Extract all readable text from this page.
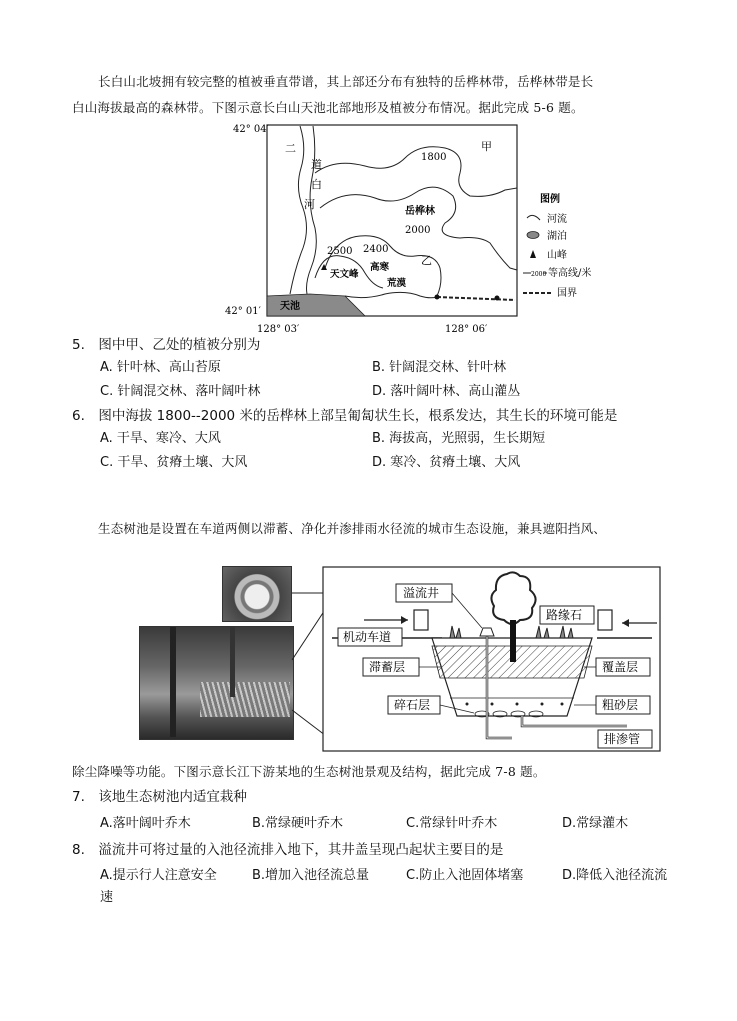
长白山北坡拥有较完整的植被垂直带谱，其上部还分布有独特的岳桦林带，岳桦林带是长
白山海拔最高的森林带。下图示意长白山天池北部地形及植被分布情况。据此完成 5-6 题。
42° 04′
42° 01′
128° 03′	128° 06′
二
道
白
河
甲
1800
岳桦林
2000
乙
2400
2500
天文峰
高寒
荒漠
天池
图例
河流
湖泊
山峰
2000 等高线/米
国界
5.　图中甲、乙处的植被分别为
A. 针叶林、高山苔原	B. 针阔混交林、针叶林
C. 针阔混交林、落叶阔叶林	D. 落叶阔叶林、高山灌丛
6.　图中海拔 1800--2000 米的岳桦林上部呈匍匐状生长，根系发达，其生长的环境可能是
A. 干旱、寒冷、大风	B. 海拔高，光照弱，生长期短
C. 干旱、贫瘠土壤、大风	D. 寒冷、贫瘠土壤、大风
生态树池是设置在车道两侧以滞蓄、净化并渗排雨水径流的城市生态设施，兼具遮阳挡风、
溢流井
路缘石
机动车道
滞蓄层	覆盖层
碎石层	粗砂层
排渗管
除尘降噪等功能。下图示意长江下游某地的生态树池景观及结构，据此完成 7-8 题。
7.　该地生态树池内适宜栽种
A.落叶阔叶乔木	B.常绿硬叶乔木	C.常绿针叶乔木	D.常绿灌木
8.　溢流井可将过量的入池径流排入地下，其井盖呈现凸起状主要目的是
A.提示行人注意安全	B.增加入池径流总量	C.防止入池固体堵塞	D.降低入池径流流
速
